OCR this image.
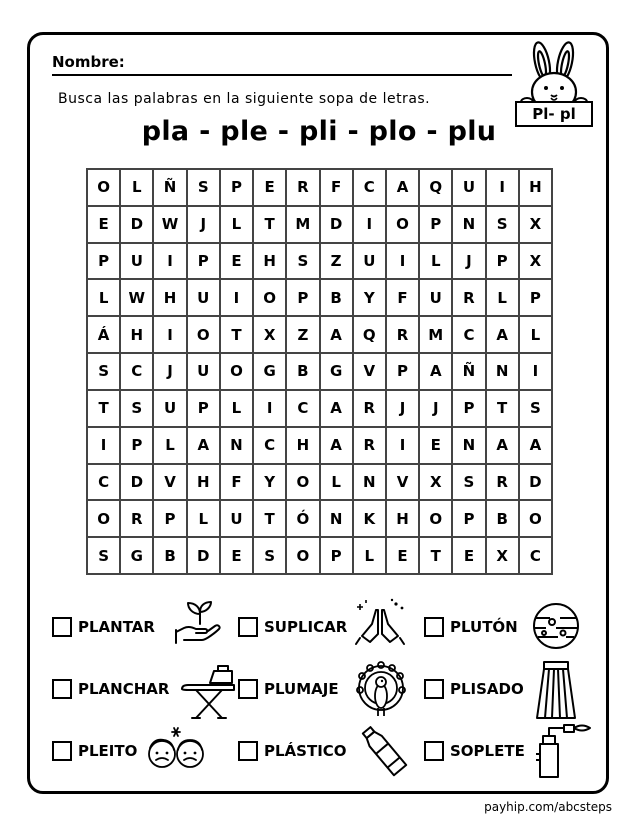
Nombre:
Busca las palabras en la siguiente sopa de letras.
pla - ple - pli - plo - plu
Pl- pl
O	L	Ñ	S	P	E	R	F	C	A	Q	U	I	H
E	D	W	J	L	T	M	D	I	O	P	N	S	X
P	U	I	P	E	H	S	Z	U	I	L	J	P	X
L	W	H	U	I	O	P	B	Y	F	U	R	L	P
Á	H	I	O	T	X	Z	A	Q	R	M	C	A	L
S	C	J	U	O	G	B	G	V	P	A	Ñ	N	I
T	S	U	P	L	I	C	A	R	J	J	P	T	S
I	P	L	A	N	C	H	A	R	I	E	N	A	A
C	D	V	H	F	Y	O	L	N	V	X	S	R	D
O	R	P	L	U	T	Ó	N	K	H	O	P	B	O
S	G	B	D	E	S	O	P	L	E	T	E	X	C
PLANTAR	SUPLICAR	PLUTÓN
PLANCHAR	PLUMAJE	PLISADO
PLEITO	PLÁSTICO	SOPLETE
payhip.com/abcsteps
